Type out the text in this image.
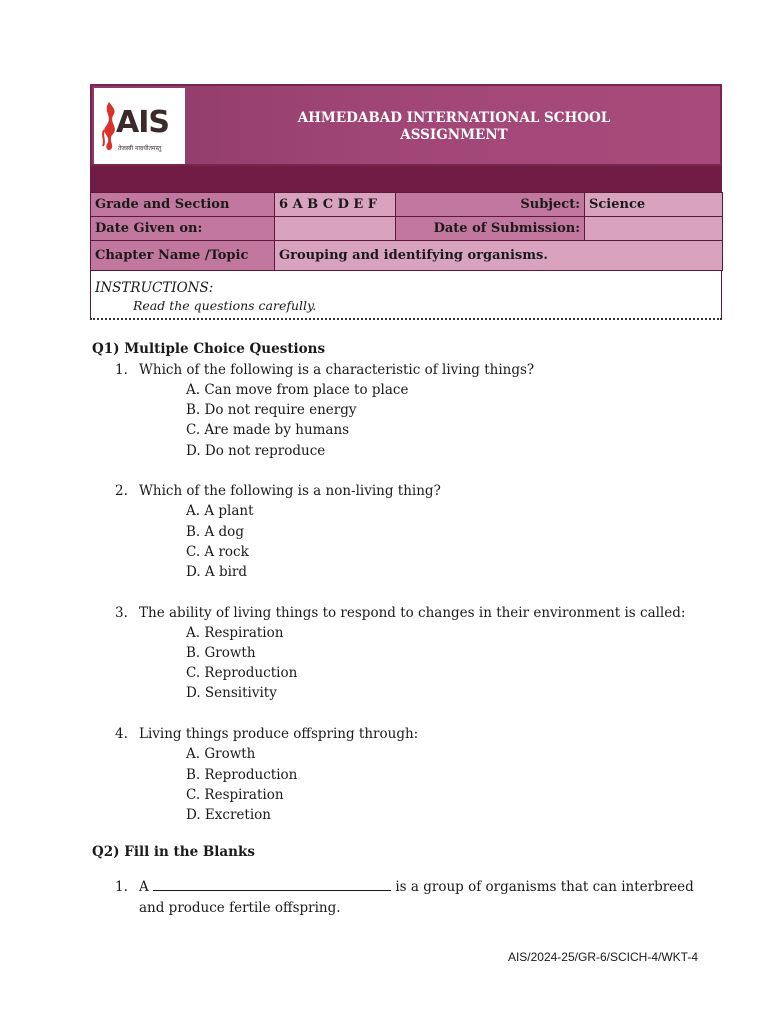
AIS
तेजस्वी नावधीतमस्तु
AHMEDABAD INTERNATIONAL SCHOOL
ASSIGNMENT
Grade and Section	6 A B C D E F	Subject:	Science
Date Given on:		Date of Submission:	
Chapter Name /Topic	Grouping and identifying organisms.		
INSTRUCTIONS:
Read the questions carefully.
Q1) Multiple Choice Questions
1. Which of the following is a characteristic of living things?
A. Can move from place to place
B. Do not require energy
C. Are made by humans
D. Do not reproduce
2. Which of the following is a non-living thing?
A. A plant
B. A dog
C. A rock
D. A bird
3. The ability of living things to respond to changes in their environment is called:
A. Respiration
B. Growth
C. Reproduction
D. Sensitivity
4. Living things produce offspring through:
A. Growth
B. Reproduction
C. Respiration
D. Excretion
Q2) Fill in the Blanks
1. A	is a group of organisms that can interbreed
and produce fertile offspring.
AIS/2024-25/GR-6/SCICH-4/WKT-4
